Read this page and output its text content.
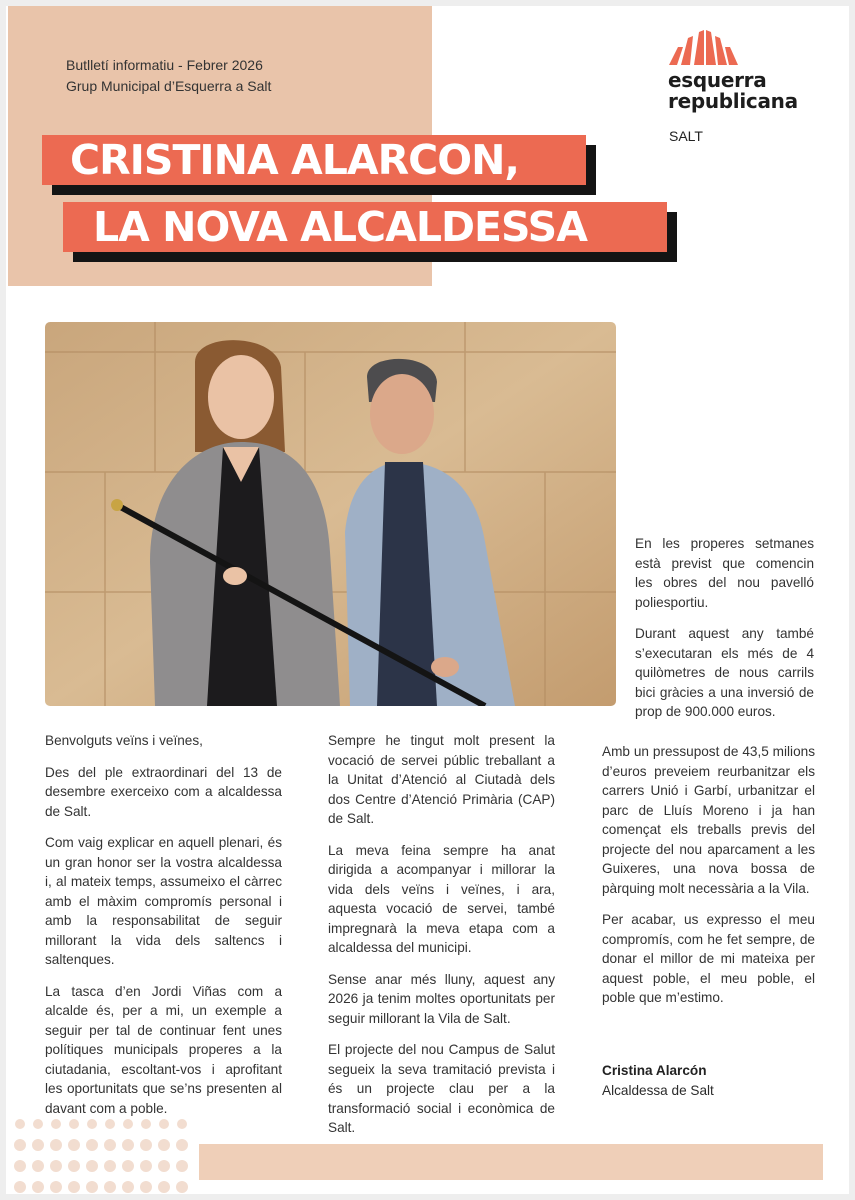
Butlletí informatiu - Febrer 2026
Grup Municipal d’Esquerra a Salt	esquerra
republicana
SALT
CRISTINA ALARCON,
LA NOVA ALCALDESSA

Benvolguts veïns i veïnes,

Des del ple extraordinari del 13 de desembre exerceixo com a alcaldessa de Salt.

Com vaig explicar en aquell plenari, és un gran honor ser la vostra alcaldessa i, al mateix temps, assumeixo el càrrec amb el màxim compromís personal i amb la responsabilitat de seguir millorant la vida dels saltencs i saltenques.

La tasca d’en Jordi Viñas com a alcalde és, per a mi, un exemple a seguir per tal de continuar fent unes polítiques municipals properes a la ciutadania, escoltant-vos i aprofitant les oportunitats que se’ns presenten al davant com a poble.

Sempre he tingut molt present la vocació de servei públic treballant a la Unitat d’Atenció al Ciutadà dels dos Centre d’Atenció Primària (CAP) de Salt.

La meva feina sempre ha anat dirigida a acompanyar i millorar la vida dels veïns i veïnes, i ara, aquesta vocació de servei, també impregnarà la meva etapa com a alcaldessa del municipi.

Sense anar més lluny, aquest any 2026 ja tenim moltes oportunitats per seguir millorant la Vila de Salt.

El projecte del nou Campus de Salut segueix la seva tramitació prevista i és un projecte clau per a la transformació social i econòmica de Salt.

En les properes setmanes està previst que comencin les obres del nou pavelló poliesportiu.

Durant aquest any també s’executaran els més de 4 quilòmetres de nous carrils bici gràcies a una inversió de prop de 900.000 euros.

Amb un pressupost de 43,5 milions d’euros preveiem reurbanitzar els carrers Unió i Garbí, urbanitzar el parc de Lluís Moreno i ja han començat els treballs previs del projecte del nou aparcament a les Guixeres, una nova bossa de pàrquing molt necessària a la Vila.

Per acabar, us expresso el meu compromís, com he fet sempre, de donar el millor de mi mateixa per aquest poble, el meu poble, el poble que m’estimo.

Cristina Alarcón
Alcaldessa de Salt
